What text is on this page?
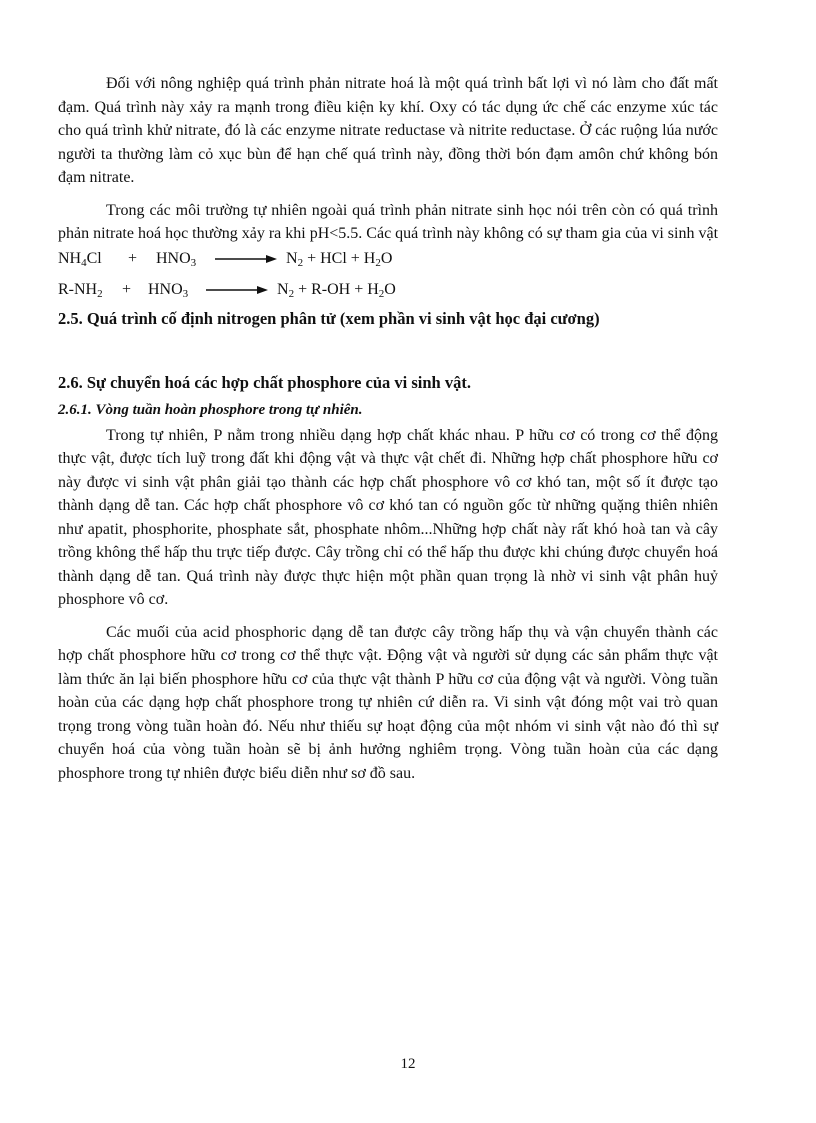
Đối với nông nghiệp quá trình phản nitrate hoá là một quá trình bất lợi vì nó làm cho đất mất đạm. Quá trình này xảy ra mạnh trong điều kiện ky khí. Oxy có tác dụng ức chế các enzyme xúc tác cho quá trình khử nitrate, đó là các enzyme nitrate reductase và nitrite reductase. Ở các ruộng lúa nước người ta thường làm cỏ xục bùn để hạn chế quá trình này, đồng thời bón đạm amôn chứ không bón đạm nitrate.

Trong các môi trường tự nhiên ngoài quá trình phản nitrate sinh học nói trên còn có quá trình phản nitrate hoá học thường xảy ra khi pH<5.5. Các quá trình này không có sự tham gia của vi sinh vật

$NH_4Cl + HNO_3$	$N_2$ + HCl + $H_2O$
$R-NH_2 + HNO_3$	$N_2 + R-OH + H_2O$
2.5. Quá trình cố định nitrogen phân tử (xem phần vi sinh vật học đại cương)
2.6. Sự chuyển hoá các hợp chất phosphore của vi sinh vật.
2.6.1. Vòng tuần hoàn phosphore trong tự nhiên.

Trong tự nhiên, P nằm trong nhiều dạng hợp chất khác nhau. P hữu cơ có trong cơ thể động thực vật, được tích luỹ trong đất khi động vật và thực vật chết đi. Những hợp chất phosphore hữu cơ này được vi sinh vật phân giải tạo thành các hợp chất phosphore vô cơ khó tan, một số ít được tạo thành dạng dễ tan. Các hợp chất phosphore vô cơ khó tan có nguồn gốc từ những quặng thiên nhiên như apatit, phosphorite, phosphate sắt, phosphate nhôm...Những hợp chất này rất khó hoà tan và cây trồng không thể hấp thu trực tiếp được. Cây trồng chỉ có thể hấp thu được khi chúng được chuyển hoá thành dạng dễ tan. Quá trình này được thực hiện một phần quan trọng là nhờ vi sinh vật phân huỷ phosphore vô cơ.

Các muối của acid phosphoric dạng dễ tan được cây trồng hấp thụ và vận chuyển thành các hợp chất phosphore hữu cơ trong cơ thể thực vật. Động vật và người sử dụng các sản phẩm thực vật làm thức ăn lại biến phosphore hữu cơ của thực vật thành P hữu cơ của động vật và người. Vòng tuần hoàn của các dạng hợp chất phosphore trong tự nhiên cứ diễn ra. Vi sinh vật đóng một vai trò quan trọng trong vòng tuần hoàn đó. Nếu như thiếu sự hoạt động của một nhóm vi sinh vật nào đó thì sự chuyển hoá của vòng tuần hoàn sẽ bị ảnh hưởng nghiêm trọng. Vòng tuần hoàn của các dạng phosphore trong tự nhiên được biểu diễn như sơ đồ sau.

12
